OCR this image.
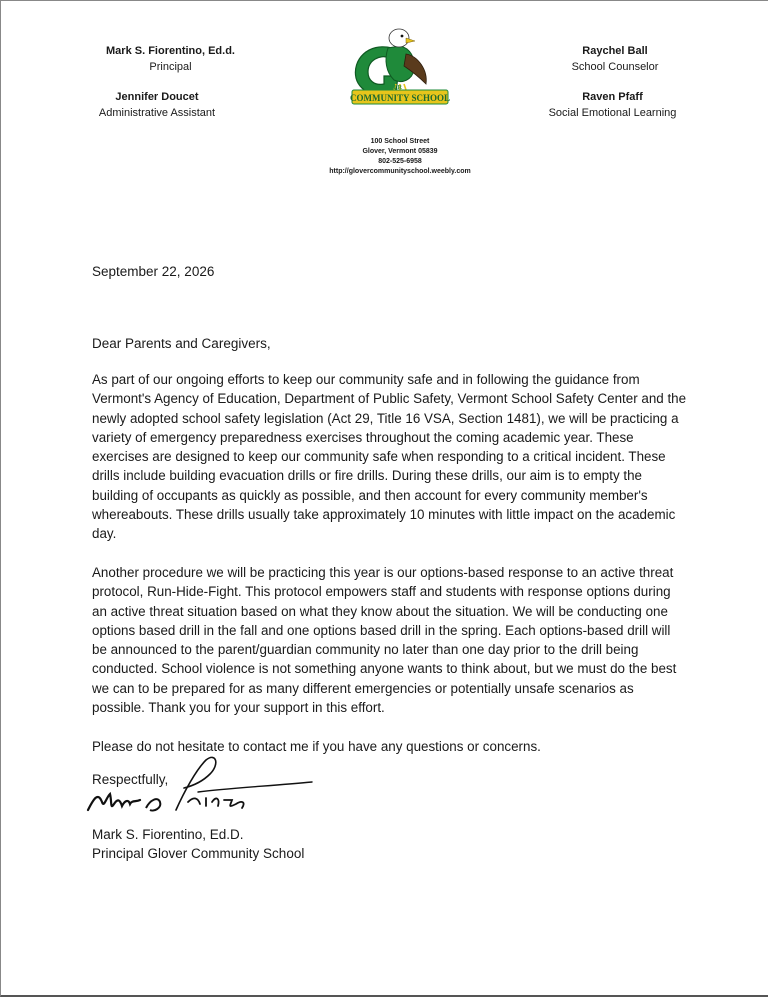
Mark S. Fiorentino, Ed.d.
Principal
Jennifer Doucet
Administrative Assistant
Raychel Ball
School Counselor
Raven Pfaff
Social Emotional Learning
GLOVER
COMMUNITY SCHOOL
100 School Street
Glover, Vermont 05839
802-525-6958
http://glovercommunityschool.weebly.com
September 22, 2026
Dear Parents and Caregivers,

As part of our ongoing efforts to keep our community safe and in following the guidance from Vermont's Agency of Education, Department of Public Safety, Vermont School Safety Center and the newly adopted school safety legislation (Act 29, Title 16 VSA, Section 1481), we will be practicing a variety of emergency preparedness exercises throughout the coming academic year. These exercises are designed to keep our community safe when responding to a critical incident. These drills include building evacuation drills or fire drills. During these drills, our aim is to empty the building of occupants as quickly as possible, and then account for every community member's whereabouts. These drills usually take approximately 10 minutes with little impact on the academic day.

Another procedure we will be practicing this year is our options-based response to an active threat protocol, Run-Hide-Fight. This protocol empowers staff and students with response options during an active threat situation based on what they know about the situation. We will be conducting one options based drill in the fall and one options based drill in the spring. Each options-based drill will be announced to the parent/guardian community no later than one day prior to the drill being conducted. School violence is not something anyone wants to think about, but we must do the best we can to be prepared for as many different emergencies or potentially unsafe scenarios as possible. Thank you for your support in this effort.

Please do not hesitate to contact me if you have any questions or concerns.

Respectfully,
Mark S. Fiorentino, Ed.D.
Principal Glover Community School
